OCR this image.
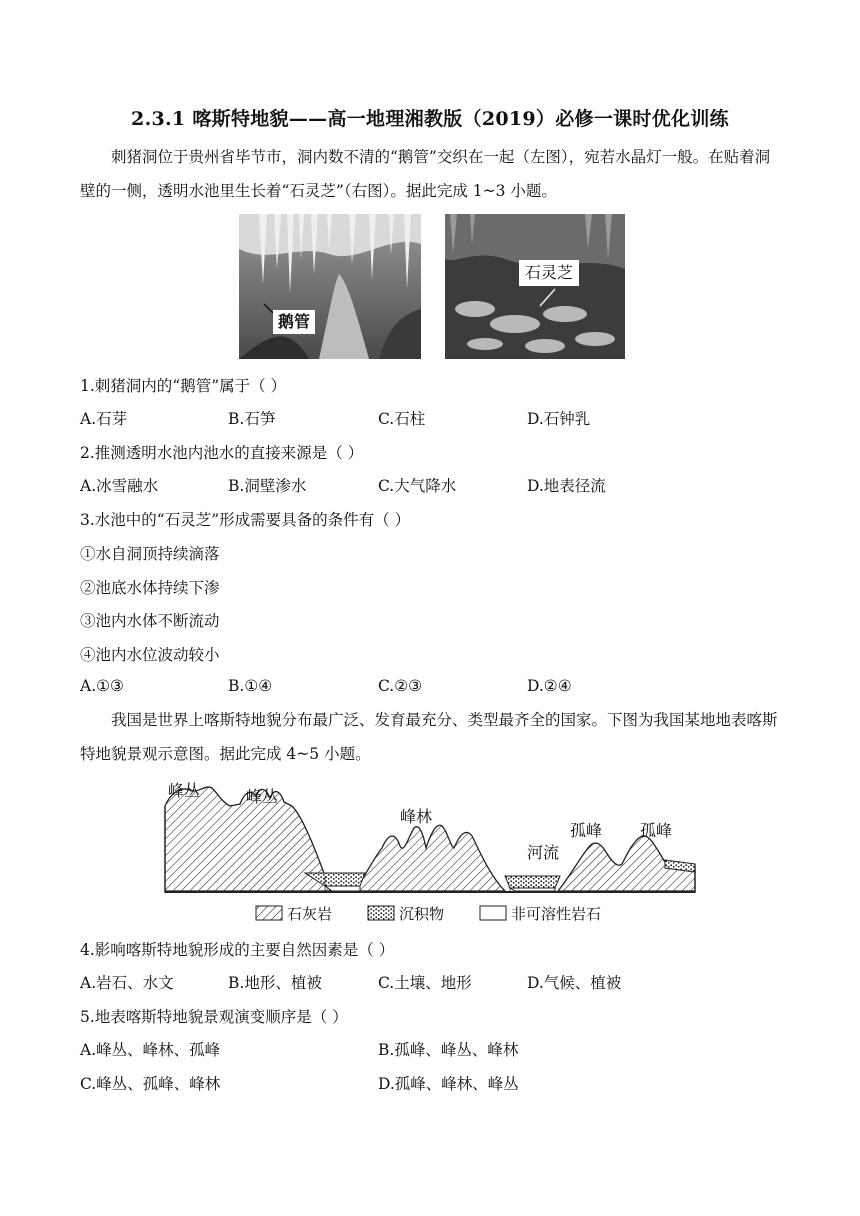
2.3.1 喀斯特地貌——高一地理湘教版（2019）必修一课时优化训练
刺猪洞位于贵州省毕节市，洞内数不清的“鹅管”交织在一起（左图），宛若水晶灯一般。在贴着洞壁的一侧，透明水池里生长着“石灵芝”（右图）。据此完成 1~3 小题。
鹅管
石灵芝
1.刺猪洞内的“鹅管”属于（ ）
A.石芽	B.石笋	C.石柱	D.石钟乳
2.推测透明水池内池水的直接来源是（ ）
A.冰雪融水	B.洞壁渗水	C.大气降水	D.地表径流
3.水池中的“石灵芝”形成需要具备的条件有（ ）
①水自洞顶持续滴落
②池底水体持续下渗
③池内水体不断流动
④池内水位波动较小
A.①③	B.①④	C.②③	D.②④
我国是世界上喀斯特地貌分布最广泛、发育最充分、类型最齐全的国家。下图为我国某地地表喀斯特地貌景观示意图。据此完成 4~5 小题。
峰丛	峰丛
峰林
河流
孤峰 孤峰
石灰岩	沉积物	非可溶性岩石
4.影响喀斯特地貌形成的主要自然因素是（ ）
A.岩石、水文	B.地形、植被	C.土壤、地形	D.气候、植被
5.地表喀斯特地貌景观演变顺序是（ ）
A.峰丛、峰林、孤峰	B.孤峰、峰丛、峰林
C.峰丛、孤峰、峰林	D.孤峰、峰林、峰丛
